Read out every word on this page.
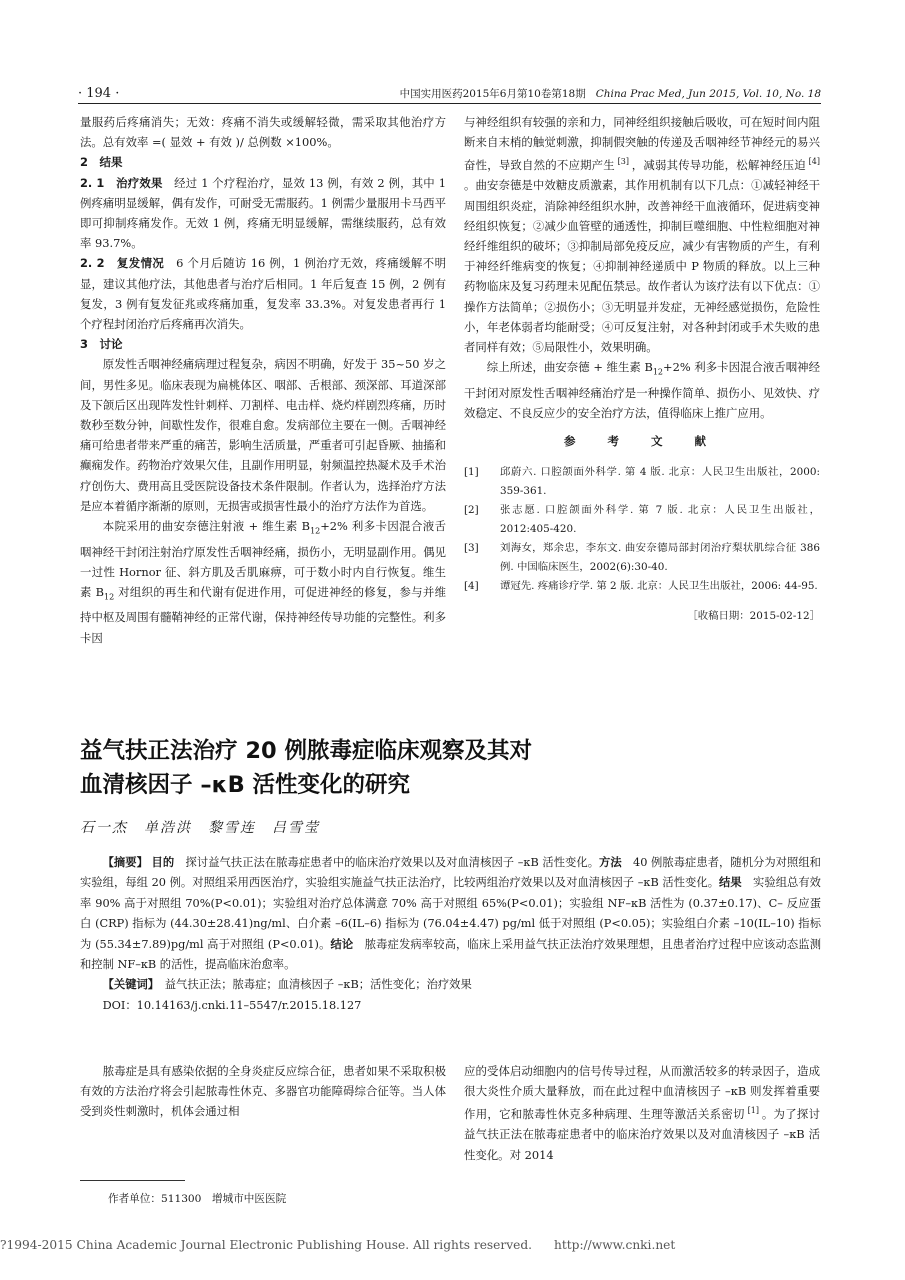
· 194 ·	中国实用医药2015年6月第10卷第18期 China Prac Med, Jun 2015, Vol. 10, No. 18

量服药后疼痛消失；无效：疼痛不消失或缓解轻微，需采取其他治疗方法。总有效率 =( 显效 + 有效 )/ 总例数 ×100%。

2　结果

2. 1　治疗效果　经过 1 个疗程治疗，显效 13 例，有效 2 例，其中 1 例疼痛明显缓解，偶有发作，可耐受无需服药。1 例需少量服用卡马西平即可抑制疼痛发作。无效 1 例，疼痛无明显缓解，需继续服药，总有效率 93.7%。

2. 2　复发情况　6 个月后随访 16 例，1 例治疗无效，疼痛缓解不明显，建议其他疗法，其他患者与治疗后相同。1 年后复查 15 例，2 例有复发，3 例有复发征兆或疼痛加重，复发率 33.3%。对复发患者再行 1 个疗程封闭治疗后疼痛再次消失。

3　讨论

原发性舌咽神经痛病理过程复杂，病因不明确，好发于 35~50 岁之间，男性多见。临床表现为扁桃体区、咽部、舌根部、颈深部、耳道深部及下颌后区出现阵发性针刺样、刀割样、电击样、烧灼样剧烈疼痛，历时数秒至数分钟，间歇性发作，很难自愈。发病部位主要在一侧。舌咽神经痛可给患者带来严重的痛苦，影响生活质量，严重者可引起昏厥、抽搐和癫痫发作。药物治疗效果欠佳，且副作用明显，射频温控热凝术及手术治疗创伤大、费用高且受医院设备技术条件限制。作者认为，选择治疗方法是应本着循序渐渐的原则，无损害或损害性最小的治疗方法作为首选。

本院采用的曲安奈德注射液 + 维生素 $B_{12}+2\%$ 利多卡因混合液舌咽神经干封闭注射治疗原发性舌咽神经痛，损伤小，无明显副作用。偶见一过性 Hornor 征、斜方肌及舌肌麻痹，可于数小时内自行恢复。维生素 $B_{12}$ 对组织的再生和代谢有促进作用，可促进神经的修复，参与并维持中枢及周围有髓鞘神经的正常代谢，保持神经传导功能的完整性。利多卡因

与神经组织有较强的亲和力，同神经组织接触后吸收，可在短时间内阻断来自末梢的触觉刺激，抑制假突触的传递及舌咽神经节神经元的易兴奋性，导致自然的不应期产生 [3] ，减弱其传导功能，松解神经压迫 [4] 。曲安奈德是中效糖皮质激素，其作用机制有以下几点：①减轻神经干周围组织炎症，消除神经组织水肿，改善神经干血液循环，促进病变神经组织恢复；②减少血管壁的通透性，抑制巨噬细胞、中性粒细胞对神经纤维组织的破坏；③抑制局部免疫反应，减少有害物质的产生，有利于神经纤维病变的恢复；④抑制神经递质中 P 物质的释放。以上三种药物临床及复习药理未见配伍禁忌。故作者认为该疗法有以下优点：①操作方法简单；②损伤小；③无明显并发症，无神经感觉损伤，危险性小，年老体弱者均能耐受；④可反复注射，对各种封闭或手术失败的患者同样有效；⑤局限性小，效果明确。

综上所述，曲安奈德 + 维生素 $B_{12}+2\%$ 利多卡因混合液舌咽神经干封闭对原发性舌咽神经痛治疗是一种操作简单、损伤小、见效快、疗效稳定、不良反应少的安全治疗方法，值得临床上推广应用。

参 考 文 献
[1]	邱蔚六. 口腔颌面外科学. 第 4 版. 北京：人民卫生出版社，2000: 359-361.
[2]	张志愿. 口腔颌面外科学. 第 7 版. 北京：人民卫生出版社，2012:405-420.
[3]	刘海女，郑余忠，李东文. 曲安奈德局部封闭治疗梨状肌综合征 386 例. 中国临床医生，2002(6):30-40.
[4]	谭冠先. 疼痛诊疗学. 第 2 版. 北京：人民卫生出版社，2006: 44-95.
［收稿日期：2015-02-12］
益气扶正法治疗 20 例脓毒症临床观察及其对
血清核因子 –κB 活性变化的研究
石一杰　单浩洪　黎雪连　吕雪莹

【摘要】 目的　探讨益气扶正法在脓毒症患者中的临床治疗效果以及对血清核因子 –κB 活性变化。方法　40 例脓毒症患者，随机分为对照组和实验组，每组 20 例。对照组采用西医治疗，实验组实施益气扶正法治疗，比较两组治疗效果以及对血清核因子 –κB 活性变化。结果　实验组总有效率 90% 高于对照组 70%(P<0.01)；实验组对治疗总体满意 70% 高于对照组 65%(P<0.01)；实验组 NF–κB 活性为 (0.37±0.17)、C– 反应蛋白 (CRP) 指标为 (44.30±28.41)ng/ml、白介素 –6(IL–6) 指标为 (76.04±4.47) pg/ml 低于对照组 (P<0.05)；实验组白介素 –10(IL–10) 指标为 (55.34±7.89)pg/ml 高于对照组 (P<0.01)。结论　脓毒症发病率较高，临床上采用益气扶正法治疗效果理想，且患者治疗过程中应该动态监测和控制 NF–κB 的活性，提高临床治愈率。

【关键词】　益气扶正法；脓毒症；血清核因子 –κB；活性变化；治疗效果

DOI：10.14163/j.cnki.11–5547/r.2015.18.127

脓毒症是具有感染依据的全身炎症反应综合征，患者如果不采取积极有效的方法治疗将会引起脓毒性休克、多器官功能障碍综合征等。当人体受到炎性刺激时，机体会通过相

应的受体启动细胞内的信号传导过程，从而激活较多的转录因子，造成很大炎性介质大量释放，而在此过程中血清核因子 –κB 则发挥着重要作用，它和脓毒性休克多种病理、生理等激活关系密切 [1] 。为了探讨益气扶正法在脓毒症患者中的临床治疗效果以及对血清核因子 –κB 活性变化。对 2014

作者单位：511300　增城市中医医院
?1994-2015 China Academic Journal Electronic Publishing House. All rights reserved. http://www.cnki.net
